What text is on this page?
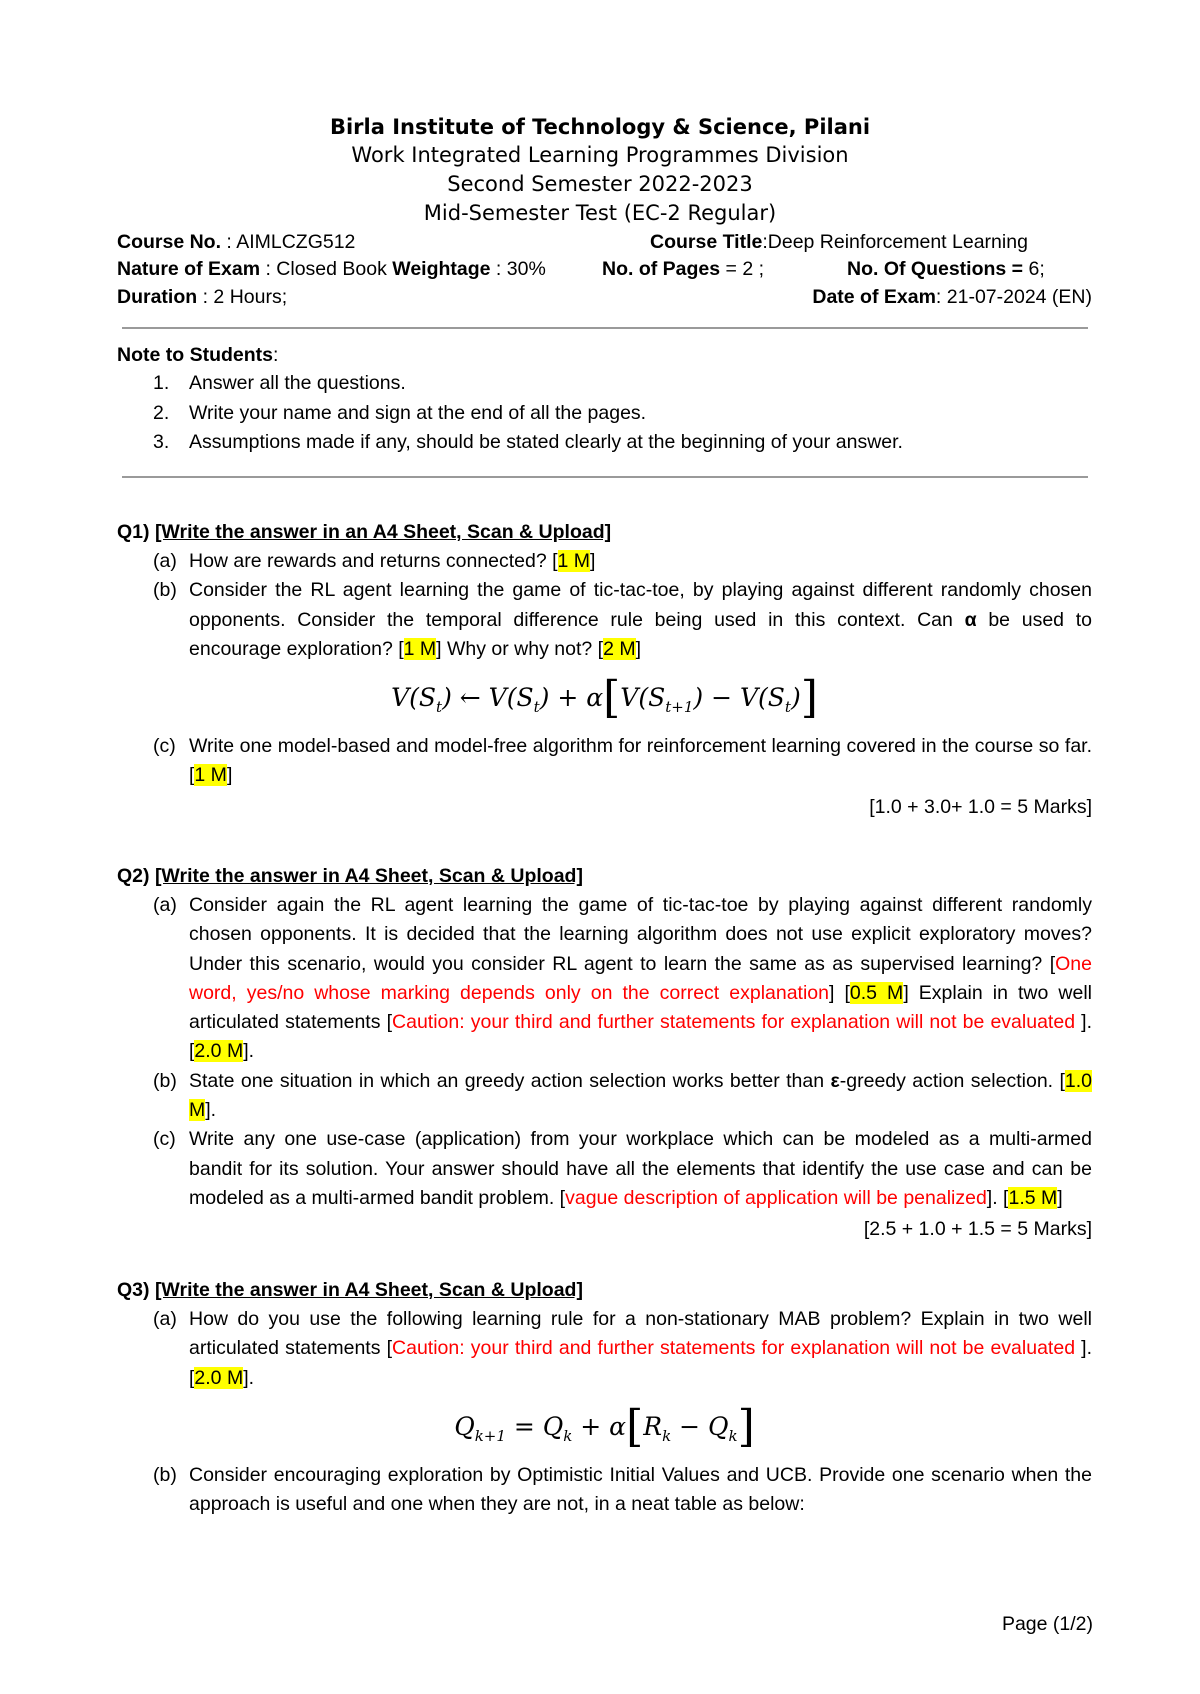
Birla Institute of Technology & Science, Pilani
Work Integrated Learning Programmes Division
Second Semester 2022-2023
Mid-Semester Test (EC-2 Regular)
Course No. : AIMLCZG512	Course Title:Deep Reinforcement Learning
Nature of Exam : Closed Book Weightage : 30%	No. of Pages = 2 ;	No. Of Questions = 6;
Duration : 2 Hours;	Date of Exam: 21-07-2024 (EN)
Note to Students:
1. Answer all the questions.
2. Write your name and sign at the end of all the pages.
3. Assumptions made if any, should be stated clearly at the beginning of your answer.
Q1) [Write the answer in an A4 Sheet, Scan & Upload]
(a) How are rewards and returns connected? [1 M]
(b) Consider the RL agent learning the game of tic-tac-toe, by playing against different randomly chosen opponents. Consider the temporal difference rule being used in this context. Can α be used to encourage exploration? [1 M] Why or why not? [2 M]
$V(S_t)$ ← $V(S_t) + \alpha[V(S_{t+1}) - V(S_t)]$
(c) Write one model-based and model-free algorithm for reinforcement learning covered in the course so far.[1 M]
[1.0 + 3.0+ 1.0 = 5 Marks]
Q2) [Write the answer in A4 Sheet, Scan & Upload]
(a) Consider again the RL agent learning the game of tic-tac-toe by playing against different randomly chosen opponents. It is decided that the learning algorithm does not use explicit exploratory moves? Under this scenario, would you consider RL agent to learn the same as as supervised learning? [One word, yes/no whose marking depends only on the correct explanation] [0.5 M] Explain in two well articulated statements [Caution: your third and further statements for explanation will not be evaluated ]. [2.0 M].
(b) State one situation in which an greedy action selection works better than ε-greedy action selection. [1.0 M].
(c) Write any one use-case (application) from your workplace which can be modeled as a multi-armed bandit for its solution. Your answer should have all the elements that identify the use case and can be modeled as a multi-armed bandit problem. [vague description of application will be penalized]. [1.5 M]
[2.5 + 1.0 + 1.5 = 5 Marks]
Q3) [Write the answer in A4 Sheet, Scan & Upload]
(a) How do you use the following learning rule for a non-stationary MAB problem? Explain in two well articulated statements [Caution: your third and further statements for explanation will not be evaluated ]. [2.0 M].
$Q_{k+1} = Q_k + \alpha[R_k - Q_k]$
(b) Consider encouraging exploration by Optimistic Initial Values and UCB. Provide one scenario when the approach is useful and one when they are not, in a neat table as below:
Page (1/2)
